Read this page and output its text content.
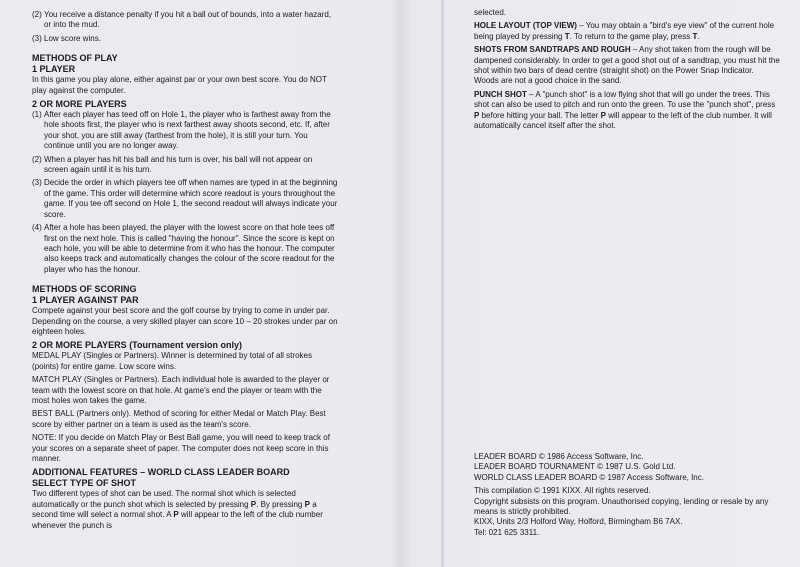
(2) You receive a distance penalty if you hit a ball out of bounds, into a water hazard, or into the mud.
(3) Low score wins.
METHODS OF PLAY
1 PLAYER

In this game you play alone, either against par or your own best score. You do NOT play against the computer.

2 OR MORE PLAYERS
(1) After each player has teed off on Hole 1, the player who is farthest away from the hole shoots first, the player who is next farthest away shoots second, etc. If, after your shot, you are still away (farthest from the hole), it is still your turn. You continue until you are no longer away.
(2) When a player has hit his ball and his turn is over, his ball will not appear on screen again until it is his turn.
(3) Decide the order in which players tee off when names are typed in at the beginning of the game. This order will determine which score readout is yours throughout the game. If you tee off second on Hole 1, the second readout will always indicate your score.
(4) After a hole has been played, the player with the lowest score on that hole tees off first on the next hole. This is called "having the honour". Since the score is kept on each hole, you will be able to determine from it who has the honour. The computer also keeps track and automatically changes the colour of the score readout for the player who has the honour.
METHODS OF SCORING
1 PLAYER AGAINST PAR

Compete against your best score and the golf course by trying to come in under par. Depending on the course, a very skilled player can score 10 – 20 strokes under par on eighteen holes.

2 OR MORE PLAYERS (Tournament version only)

MEDAL PLAY (Singles or Partners). Winner is determined by total of all strokes (points) for entire game. Low score wins.

MATCH PLAY (Singles or Partners). Each individual hole is awarded to the player or team with the lowest score on that hole. At game's end the player or team with the most holes won takes the game.

BEST BALL (Partners only). Method of scoring for either Medal or Match Play. Best score by either partner on a team is used as the team's score.

NOTE: If you decide on Match Play or Best Ball game, you will need to keep track of your scores on a separate sheet of paper. The computer does not keep score in this manner.

ADDITIONAL FEATURES – WORLD CLASS LEADER BOARD
SELECT TYPE OF SHOT

Two different types of shot can be used. The normal shot which is selected automatically or the punch shot which is selected by pressing P. By pressing P a second time will select a normal shot. A P will appear to the left of the club number whenever the punch is

selected.

HOLE LAYOUT (TOP VIEW) – You may obtain a "bird's eye view" of the current hole being played by pressing T. To return to the game play, press T.

SHOTS FROM SANDTRAPS AND ROUGH – Any shot taken from the rough will be dampened considerably. In order to get a good shot out of a sandtrap, you must hit the shot within two bars of dead centre (straight shot) on the Power Snap Indicator. Woods are not a good choice in the sand.

PUNCH SHOT – A "punch shot" is a low flying shot that will go under the trees. This shot can also be used to pitch and run onto the green. To use the "punch shot", press P before hitting your ball. The letter P will appear to the left of the club number. It will automatically cancel itself after the shot.

LEADER BOARD © 1986 Access Software, Inc.
LEADER BOARD TOURNAMENT © 1987 U.S. Gold Ltd.
WORLD CLASS LEADER BOARD © 1987 Access Software, Inc.
This compilation © 1991 KIXX. All rights reserved.
Copyright subsists on this program. Unauthorised copying, lending or resale by any means is strictly prohibited.
KIXX, Units 2/3 Holford Way, Holford, Birmingham B6 7AX.
Tel: 021 625 3311.
